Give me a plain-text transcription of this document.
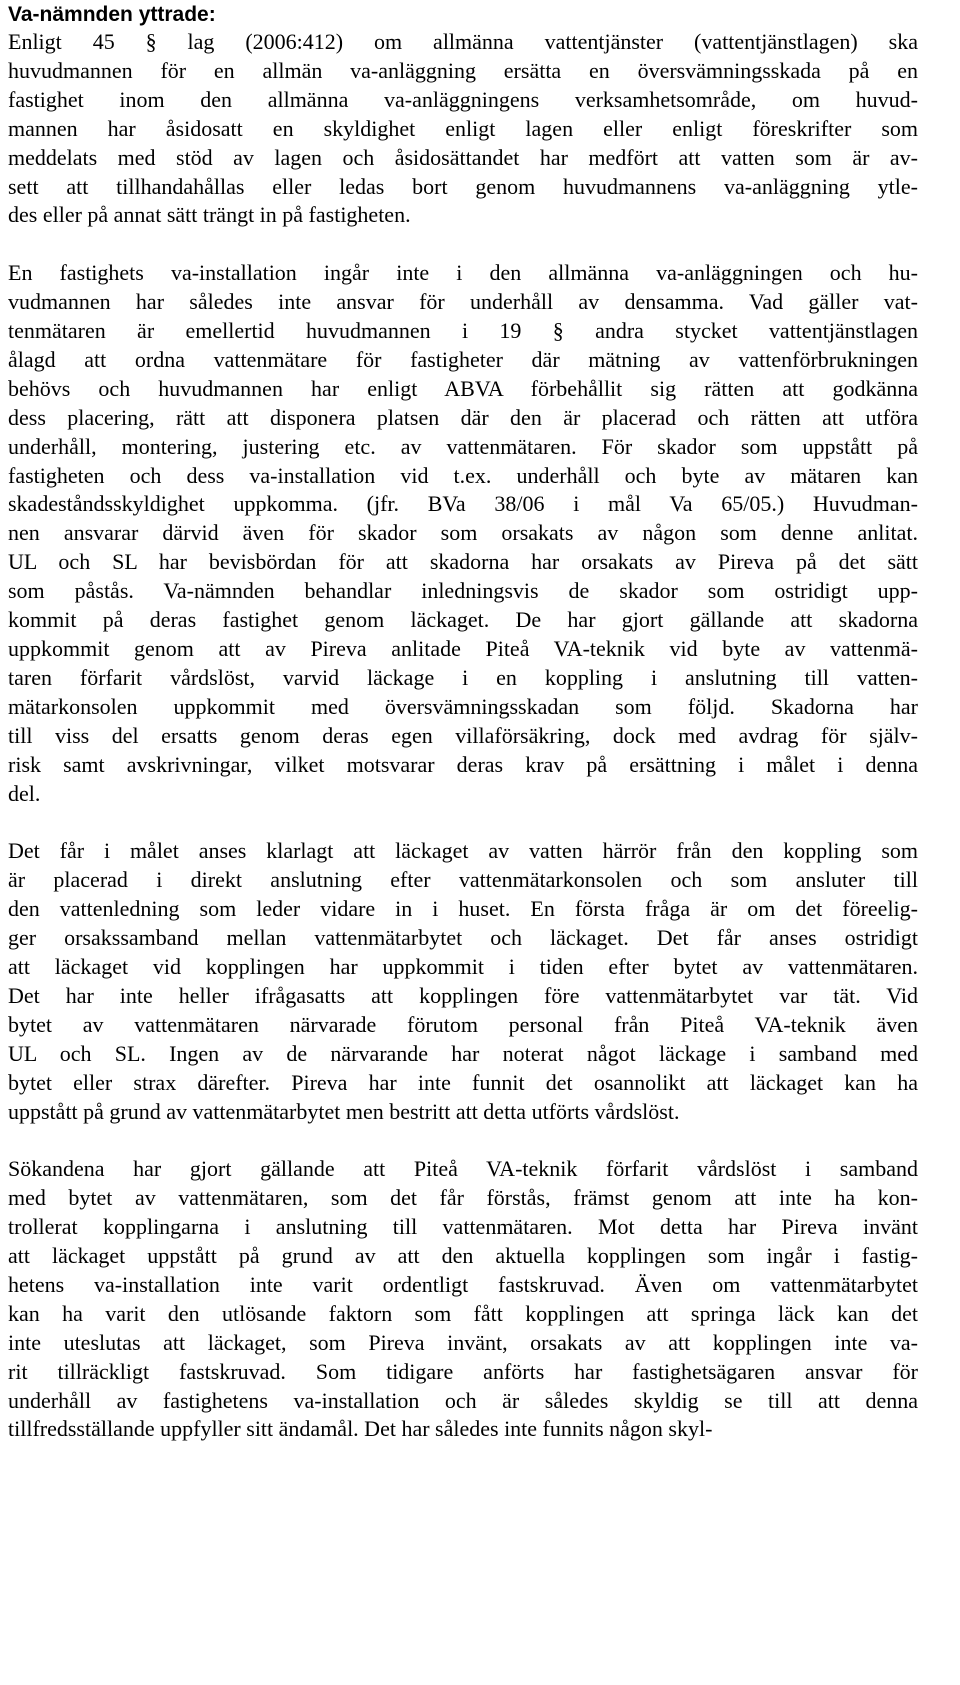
Va-nämnden yttrade:
Enligt 45 § lag (2006:412) om allmänna vattentjänster (vattentjänstlagen) ska
huvudmannen för en allmän va-anläggning ersätta en översvämningsskada på en
fastighet inom den allmänna va-anläggningens verksamhetsområde, om huvud-
mannen har åsidosatt en skyldighet enligt lagen eller enligt föreskrifter som
meddelats med stöd av lagen och åsidosättandet har medfört att vatten som är av-
sett att tillhandahållas eller ledas bort genom huvudmannens va-anläggning ytle-
des eller på annat sätt trängt in på fastigheten.
En fastighets va-installation ingår inte i den allmänna va-anläggningen och hu-
vudmannen har således inte ansvar för underhåll av densamma. Vad gäller vat-
tenmätaren är emellertid huvudmannen i 19 § andra stycket vattentjänstlagen
ålagd att ordna vattenmätare för fastigheter där mätning av vattenförbrukningen
behövs och huvudmannen har enligt ABVA förbehållit sig rätten att godkänna
dess placering, rätt att disponera platsen där den är placerad och rätten att utföra
underhåll, montering, justering etc. av vattenmätaren. För skador som uppstått på
fastigheten och dess va-installation vid t.ex. underhåll och byte av mätaren kan
skadeståndsskyldighet uppkomma. (jfr. BVa 38/06 i mål Va 65/05.) Huvudman-
nen ansvarar därvid även för skador som orsakats av någon som denne anlitat.
UL och SL har bevisbördan för att skadorna har orsakats av Pireva på det sätt
som påstås. Va-nämnden behandlar inledningsvis de skador som ostridigt upp-
kommit på deras fastighet genom läckaget. De har gjort gällande att skadorna
uppkommit genom att av Pireva anlitade Piteå VA-teknik vid byte av vattenmä-
taren förfarit vårdslöst, varvid läckage i en koppling i anslutning till vatten-
mätarkonsolen uppkommit med översvämningsskadan som följd. Skadorna har
till viss del ersatts genom deras egen villaförsäkring, dock med avdrag för själv-
risk samt avskrivningar, vilket motsvarar deras krav på ersättning i målet i denna
del.
Det får i målet anses klarlagt att läckaget av vatten härrör från den koppling som
är placerad i direkt anslutning efter vattenmätarkonsolen och som ansluter till
den vattenledning som leder vidare in i huset. En första fråga är om det föreelig-
ger orsakssamband mellan vattenmätarbytet och läckaget. Det får anses ostridigt
att läckaget vid kopplingen har uppkommit i tiden efter bytet av vattenmätaren.
Det har inte heller ifrågasatts att kopplingen före vattenmätarbytet var tät. Vid
bytet av vattenmätaren närvarade förutom personal från Piteå VA-teknik även
UL och SL. Ingen av de närvarande har noterat något läckage i samband med
bytet eller strax därefter. Pireva har inte funnit det osannolikt att läckaget kan ha
uppstått på grund av vattenmätarbytet men bestritt att detta utförts vårdslöst.
Sökandena har gjort gällande att Piteå VA-teknik förfarit vårdslöst i samband
med bytet av vattenmätaren, som det får förstås, främst genom att inte ha kon-
trollerat kopplingarna i anslutning till vattenmätaren. Mot detta har Pireva invänt
att läckaget uppstått på grund av att den aktuella kopplingen som ingår i fastig-
hetens va-installation inte varit ordentligt fastskruvad. Även om vattenmätarbytet
kan ha varit den utlösande faktorn som fått kopplingen att springa läck kan det
inte uteslutas att läckaget, som Pireva invänt, orsakats av att kopplingen inte va-
rit tillräckligt fastskruvad. Som tidigare anförts har fastighetsägaren ansvar för
underhåll av fastighetens va-installation och är således skyldig se till att denna
tillfredsställande uppfyller sitt ändamål. Det har således inte funnits någon skyl-
